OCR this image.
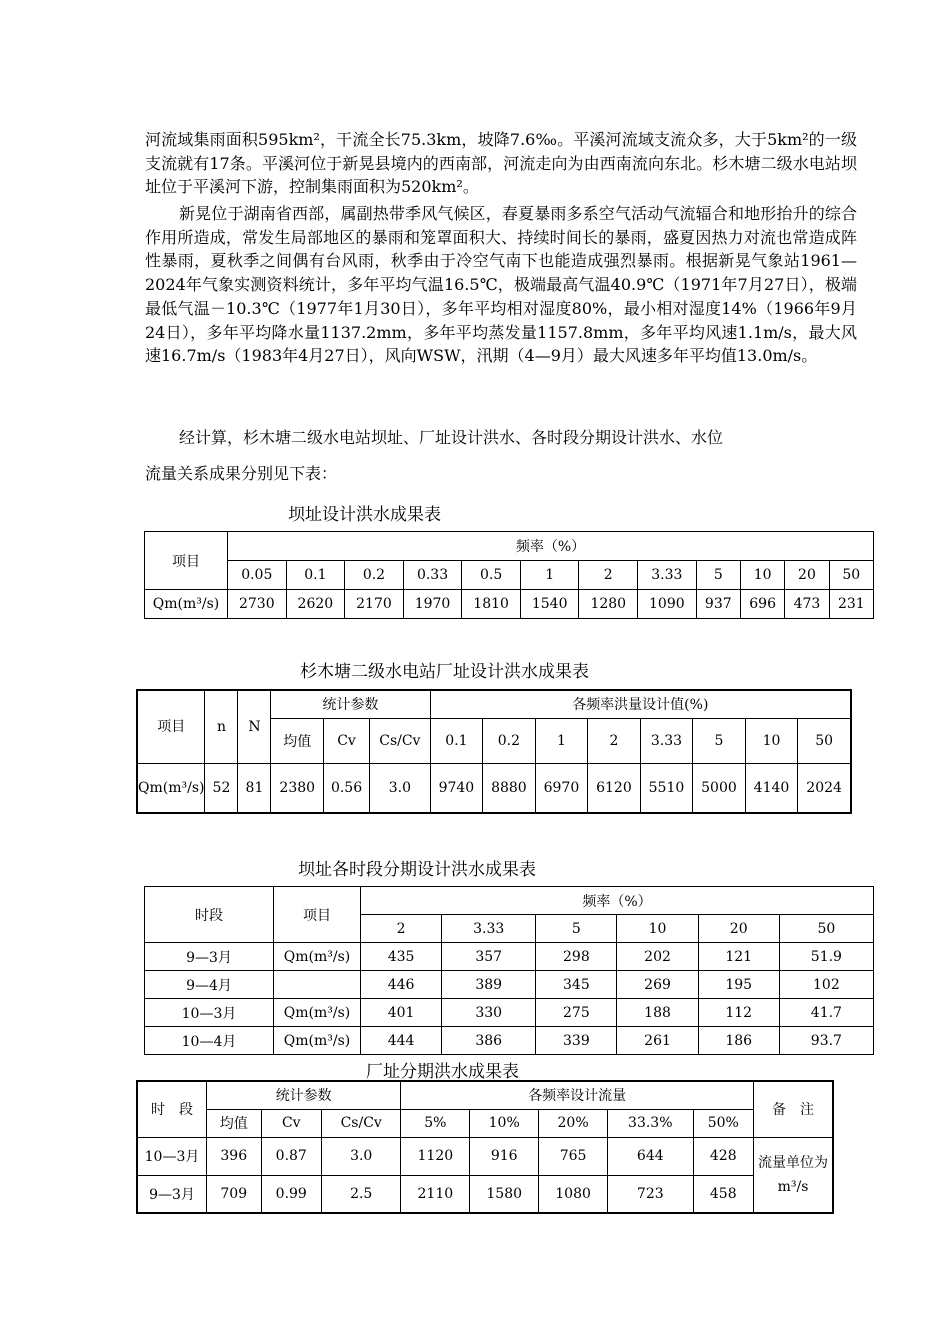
河流域集雨面积595km²，干流全长75.3km，坡降7.6‰。平溪河流域支流众多，大于5km²的一级支流就有17条。平溪河位于新晃县境内的西南部，河流走向为由西南流向东北。杉木塘二级水电站坝址位于平溪河下游，控制集雨面积为520km²。

新晃位于湖南省西部，属副热带季风气候区，春夏暴雨多系空气活动气流辐合和地形抬升的综合作用所造成，常发生局部地区的暴雨和笼罩面积大、持续时间长的暴雨，盛夏因热力对流也常造成阵性暴雨，夏秋季之间偶有台风雨，秋季由于冷空气南下也能造成强烈暴雨。根据新晃气象站1961—2024年气象实测资料统计，多年平均气温16.5℃，极端最高气温40.9℃（1971年7月27日），极端最低气温－10.3℃（1977年1月30日），多年平均相对湿度80%，最小相对湿度14%（1966年9月24日），多年平均降水量1137.2mm，多年平均蒸发量1157.8mm，多年平均风速1.1m/s，最大风速16.7m/s（1983年4月27日），风向WSW，汛期（4—9月）最大风速多年平均值13.0m/s。

经计算，杉木塘二级水电站坝址、厂址设计洪水、各时段分期设计洪水、水位

流量关系成果分别见下表：

坝址设计洪水成果表
项目	频率（%）											
	0.05	0.1	0.2	0.33	0.5	1	2	3.33	5	10	20	50
Qm(m³/s)	2730	2620	2170	1970	1810	1540	1280	1090	937	696	473	231
杉木塘二级水电站厂址设计洪水成果表
项目	n	N	统计参数			各频率洪量设计值(%)							
			均值	Cv	Cs/Cv	0.1	0.2	1	2	3.33	5	10	50
Qm(m³/s)	52	81	2380	0.56	3.0	9740	8880	6970	6120	5510	5000	4140	2024
坝址各时段分期设计洪水成果表
时段	项目	频率（%）					
		2	3.33	5	10	20	50
9—3月	Qm(m³/s)	435	357	298	202	121	51.9
9—4月		446	389	345	269	195	102
10—3月	Qm(m³/s)	401	330	275	188	112	41.7
10—4月	Qm(m³/s)	444	386	339	261	186	93.7
厂址分期洪水成果表
时　段	统计参数			各频率设计流量					备　注
	均值	Cv	Cs/Cv	5%	10%	20%	33.3%	50%	
10—3月	396	0.87	3.0	1120	916	765	644	428	流量单位为m³/s
9—3月	709	0.99	2.5	2110	1580	1080	723	458	
